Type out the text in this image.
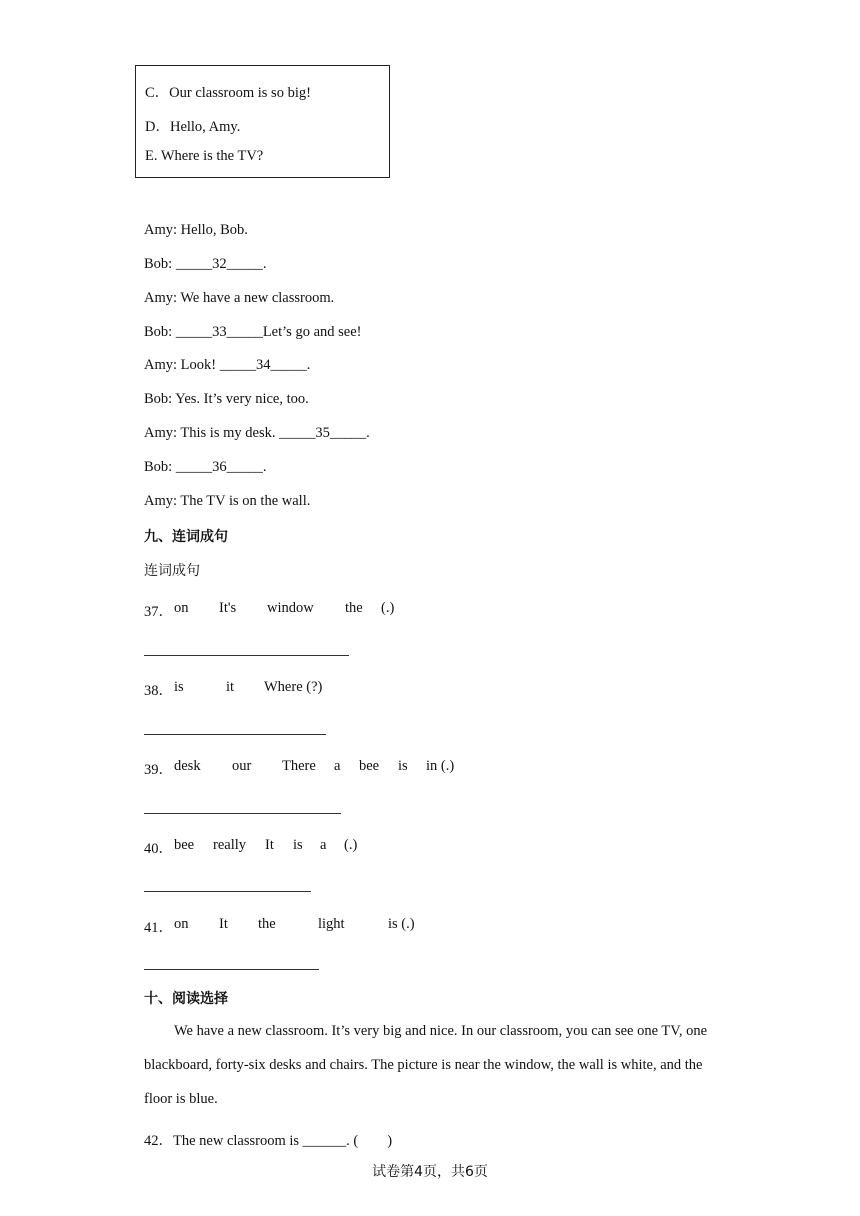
C．Our classroom is so big!
D．Hello, Amy.
E. Where is the TV?
Amy: Hello, Bob.
Bob: _____32_____.
Amy: We have a new classroom.
Bob: _____33_____Let’s go and see!
Amy: Look! _____34_____.
Bob: Yes. It’s very nice, too.
Amy: This is my desk. _____35_____.
Bob: _____36_____.
Amy: The TV is on the wall.
九、连词成句
连词成句
37． on It's window the (.)
38． is	it Where (?)
39． desk our There a bee is in (.)
40． bee really It is a (.)
41． on It the	light	is (.)
十、阅读选择
We have a new classroom. It’s very big and nice. In our classroom, you can see one TV, one blackboard, forty-six desks and chairs. The picture is near the window, the wall is white, and the floor is blue.
42．The new classroom is ______. (　　)
试卷第4页，共6页
